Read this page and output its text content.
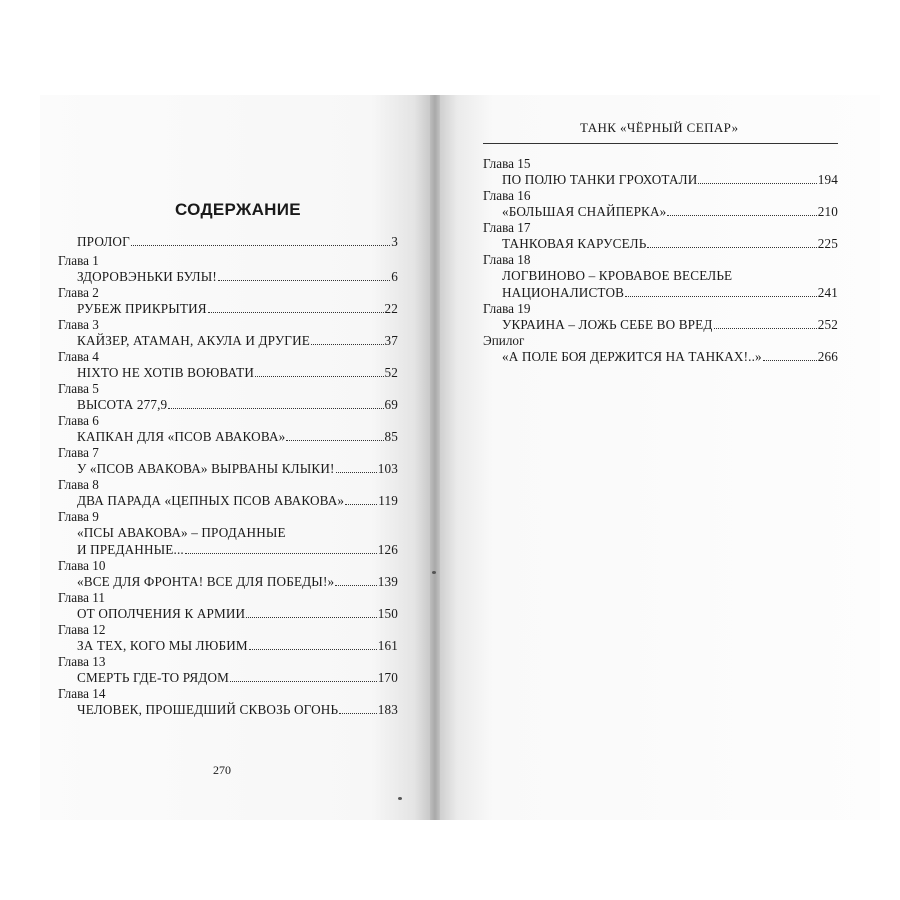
СОДЕРЖАНИЕ
ТАНК «ЧЁРНЫЙ СЕПАР»
ПРОЛОГ	3
Глава 1
ЗДОРОВЭНЬКИ БУЛЫ!	6
Глава 2
РУБЕЖ ПРИКРЫТИЯ	22
Глава 3
КАЙЗЕР, АТАМАН, АКУЛА И ДРУГИЕ	37
Глава 4
НІХТО НЕ ХОТІВ ВОЮВАТИ	52
Глава 5
ВЫСОТА 277,9	69
Глава 6
КАПКАН ДЛЯ «ПСОВ АВАКОВА»	85
Глава 7
У «ПСОВ АВАКОВА» ВЫРВАНЫ КЛЫКИ!	103
Глава 8
ДВА ПАРАДА «ЦЕПНЫХ ПСОВ АВАКОВА»	119
Глава 9
«ПСЫ АВАКОВА» – ПРОДАННЫЕ
И ПРЕДАННЫЕ...	126
Глава 10
«ВСЕ ДЛЯ ФРОНТА! ВСЕ ДЛЯ ПОБЕДЫ!»	139
Глава 11
ОТ ОПОЛЧЕНИЯ К АРМИИ	150
Глава 12
ЗА ТЕХ, КОГО МЫ ЛЮБИМ	161
Глава 13
СМЕРТЬ ГДЕ-ТО РЯДОМ	170
Глава 14
ЧЕЛОВЕК, ПРОШЕДШИЙ СКВОЗЬ ОГОНЬ	183
Глава 15
ПО ПОЛЮ ТАНКИ ГРОХОТАЛИ	194
Глава 16
«БОЛЬШАЯ СНАЙПЕРКА»	210
Глава 17
ТАНКОВАЯ КАРУСЕЛЬ	225
Глава 18
ЛОГВИНОВО – КРОВАВОЕ ВЕСЕЛЬЕ
НАЦИОНАЛИСТОВ	241
Глава 19
УКРАИНА – ЛОЖЬ СЕБЕ ВО ВРЕД	252
Эпилог
«А ПОЛЕ БОЯ ДЕРЖИТСЯ НА ТАНКАХ!..»	266
270
